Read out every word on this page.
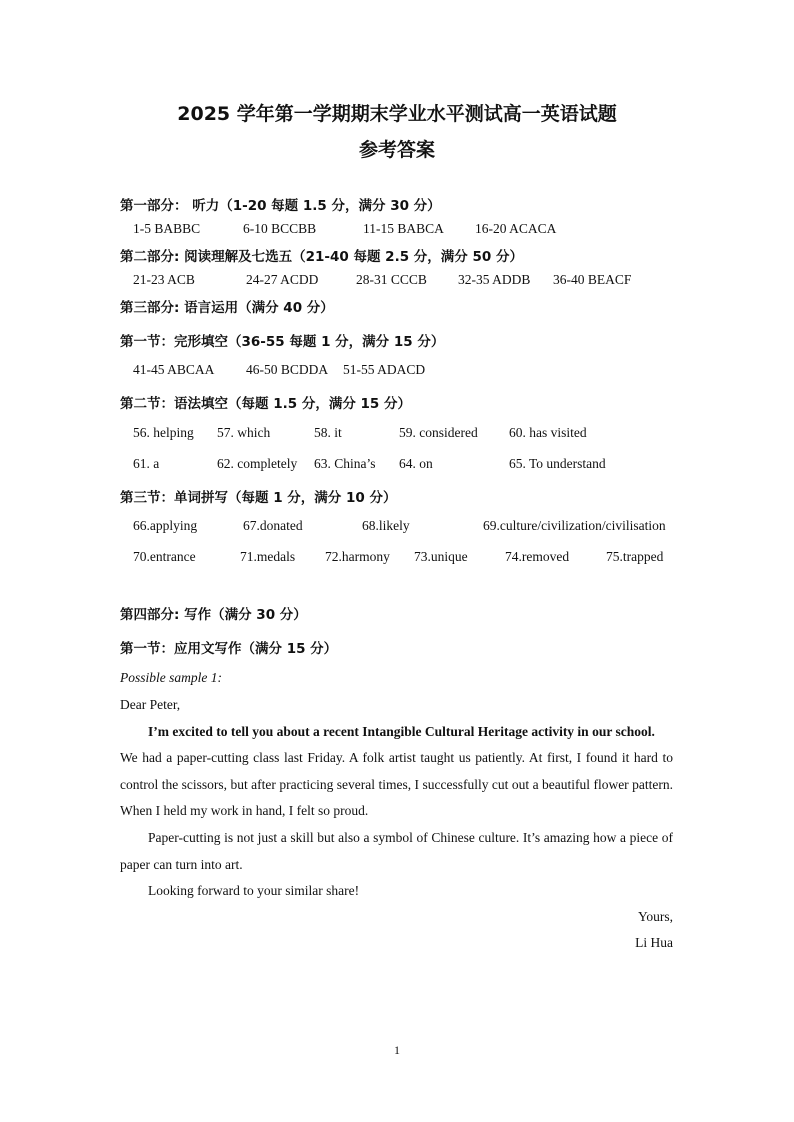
2025 学年第一学期期末学业水平测试高一英语试题
参考答案
第一部分： 听力（1-20 每题 1.5 分，满分 30 分）
1-5 BABBC	6-10 BCCBB	11-15 BABCA 16-20 ACACA
第二部分: 阅读理解及七选五（21-40 每题 2.5 分，满分 50 分）
21-23 ACB	24-27 ACDD	28-31 CCCB 32-35 ADDB 36-40 BEACF
第三部分: 语言运用（满分 40 分）
第一节：完形填空（36-55 每题 1 分，满分 15 分）
41-45 ABCAA 46-50 BCDDA 51-55 ADACD
第二节：语法填空（每题 1.5 分，满分 15 分）
56. helping 57. which	58. it	59. considered 60. has visited
61. a	62. completely 63. China’s 64. on	65. To understand
第三节：单词拼写（每题 1 分，满分 10 分）
66.applying	67.donated	68.likely	69.culture/civilization/civilisation
70.entrance	71.medals 72.harmony 73.unique	74.removed	75.trapped
第四部分: 写作（满分 30 分）
第一节：应用文写作（满分 15 分）
Possible sample 1:
Dear Peter,
I’m excited to tell you about a recent Intangible Cultural Heritage activity in our school.
We had a paper-cutting class last Friday. A folk artist taught us patiently. At first, I found it hard to control the scissors, but after practicing several times, I successfully cut out a beautiful flower pattern. When I held my work in hand, I felt so proud.
Paper-cutting is not just a skill but also a symbol of Chinese culture. It’s amazing how a piece of paper can turn into art.
Looking forward to your similar share!
Yours,
Li Hua
1
